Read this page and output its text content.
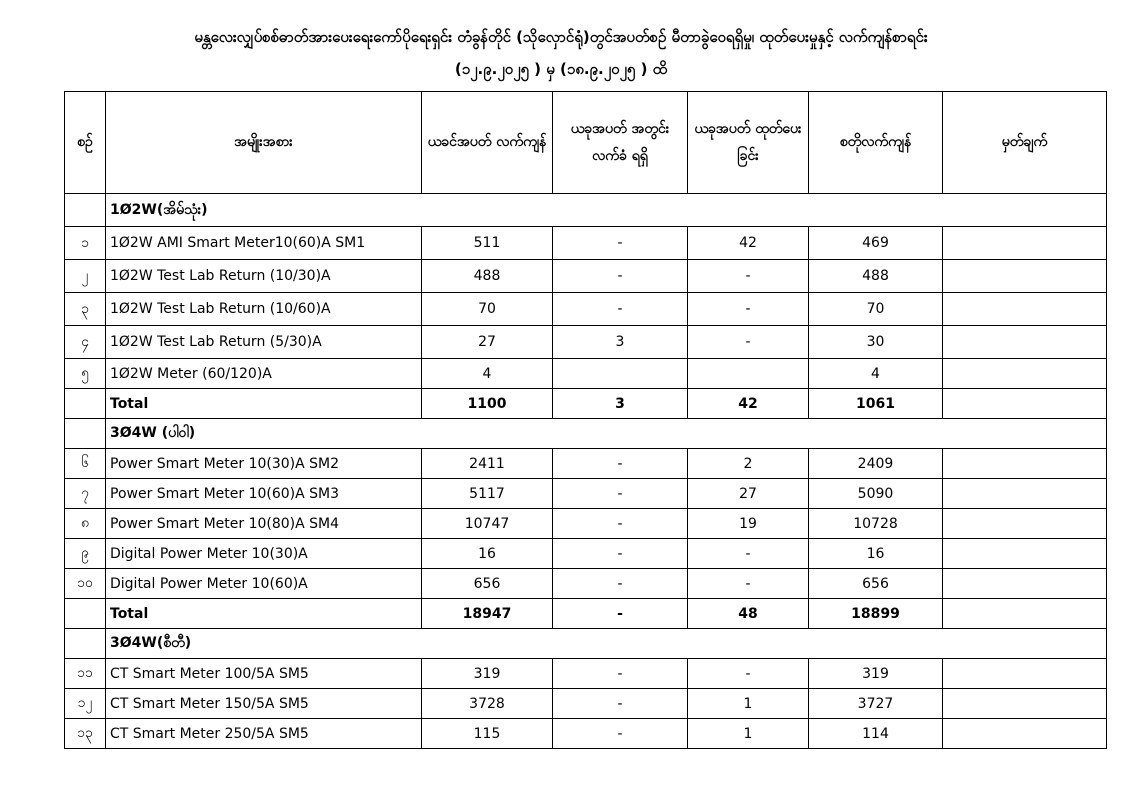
မန္တလေးလျှပ်စစ်ဓာတ်အားပေးရေးကော်ပိုရေးရှင်း တံခွန်တိုင် (သိုလှောင်ရုံ)တွင်အပတ်စဉ် မီတာခွဲဝေရရှိမှု၊ ထုတ်ပေးမှုနှင့် လက်ကျန်စာရင်း
(၁၂.၉.၂၀၂၅ ) မှ (၁၈.၉.၂၀၂၅ ) ထိ
စဉ်	အမျိုးအစား	ယခင်အပတ် လက်ကျန်	ယခုအပတ် အတွင်းလက်ခံ ရရှိ	ယခုအပတ် ထုတ်ပေးခြင်း	စတိုလက်ကျန်	မှတ်ချက်
	1Ø2W(အိမ်သုံး)					
၁	1Ø2W AMI Smart Meter10(60)A SM1	511	-	42	469	
၂	1Ø2W Test Lab Return (10/30)A	488	-	-	488	
၃	1Ø2W Test Lab Return (10/60)A	70	-	-	70	
၄	1Ø2W Test Lab Return (5/30)A	27	3	-	30	
၅	1Ø2W Meter (60/120)A	4			4	
	Total	1100	3	42	1061	
	3Ø4W (ပါဝါ)					
၆	Power Smart Meter 10(30)A SM2	2411	-	2	2409	
၇	Power Smart Meter 10(60)A SM3	5117	-	27	5090	
၈	Power Smart Meter 10(80)A SM4	10747	-	19	10728	
၉	Digital Power Meter 10(30)A	16	-	-	16	
၁၀	Digital Power Meter 10(60)A	656	-	-	656	
	Total	18947	-	48	18899	
	3Ø4W(စီတီ)					
၁၁	CT Smart Meter 100/5A SM5	319	-	-	319	
၁၂	CT Smart Meter 150/5A SM5	3728	-	1	3727	
၁၃	CT Smart Meter 250/5A SM5	115	-	1	114	
